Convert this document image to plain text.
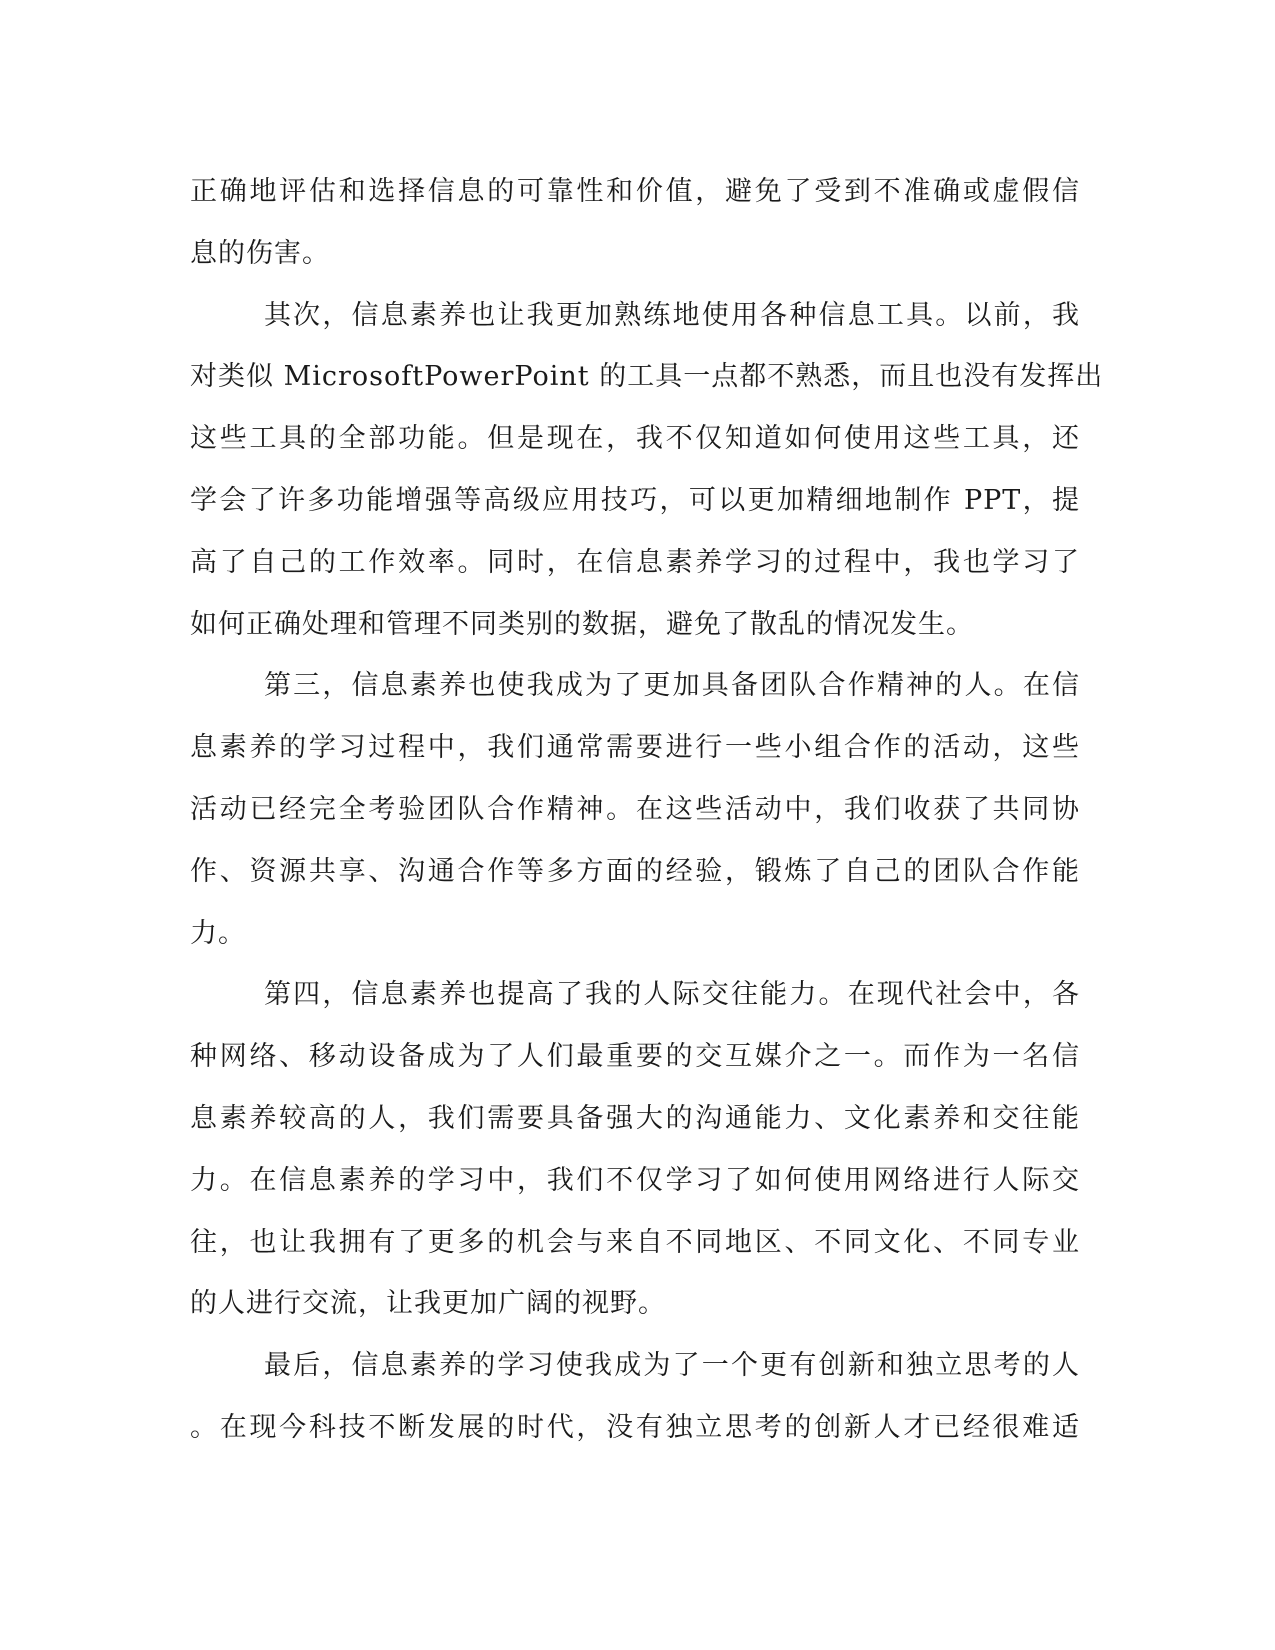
正确地评估和选择信息的可靠性和价值，避免了受到不准确或虚假信
息的伤害。
其次，信息素养也让我更加熟练地使用各种信息工具。以前，我
对类似 MicrosoftPowerPoint 的工具一点都不熟悉，而且也没有发挥出
这些工具的全部功能。但是现在，我不仅知道如何使用这些工具，还
学会了许多功能增强等高级应用技巧，可以更加精细地制作 PPT，提
高了自己的工作效率。同时，在信息素养学习的过程中，我也学习了
如何正确处理和管理不同类别的数据，避免了散乱的情况发生。
第三，信息素养也使我成为了更加具备团队合作精神的人。在信
息素养的学习过程中，我们通常需要进行一些小组合作的活动，这些
活动已经完全考验团队合作精神。在这些活动中，我们收获了共同协
作、资源共享、沟通合作等多方面的经验，锻炼了自己的团队合作能
力。
第四，信息素养也提高了我的人际交往能力。在现代社会中，各
种网络、移动设备成为了人们最重要的交互媒介之一。而作为一名信
息素养较高的人，我们需要具备强大的沟通能力、文化素养和交往能
力。在信息素养的学习中，我们不仅学习了如何使用网络进行人际交
往，也让我拥有了更多的机会与来自不同地区、不同文化、不同专业
的人进行交流，让我更加广阔的视野。
最后，信息素养的学习使我成为了一个更有创新和独立思考的人
。在现今科技不断发展的时代，没有独立思考的创新人才已经很难适
